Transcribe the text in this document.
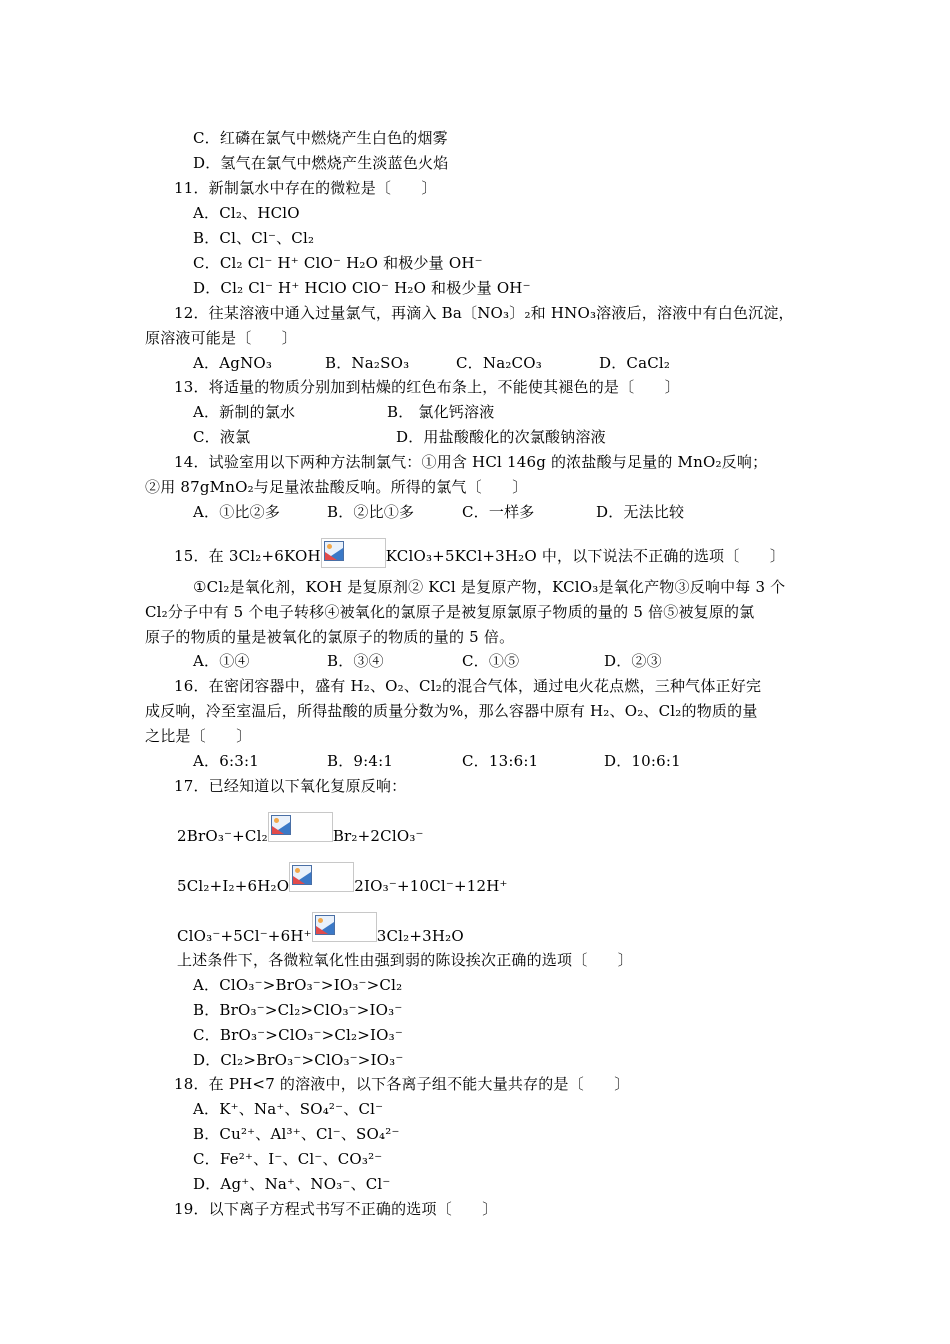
C．红磷在氯气中燃烧产生白色的烟雾
D．氢气在氯气中燃烧产生淡蓝色火焰
11．新制氯水中存在的微粒是〔　　〕
A．Cl₂、HClO
B．Cl、Cl⁻、Cl₂
C．Cl₂ Cl⁻ H⁺ ClO⁻ H₂O 和极少量 OH⁻
D．Cl₂ Cl⁻ H⁺ HClO ClO⁻ H₂O 和极少量 OH⁻
12．往某溶液中通入过量氯气，再滴入 Ba〔NO₃〕₂和 HNO₃溶液后，溶液中有白色沉淀，
原溶液可能是〔　　〕
A．AgNO₃	B．Na₂SO₃	C．Na₂CO₃	D．CaCl₂
13．将适量的物质分别加到枯燥的红色布条上，不能使其褪色的是〔　　〕
A．新制的氯水	B． 氯化钙溶液
C．液氯	D．用盐酸酸化的次氯酸钠溶液
14．试验室用以下两种方法制氯气：①用含 HCl 146g 的浓盐酸与足量的 MnO₂反响；
②用 87gMnO₂与足量浓盐酸反响。所得的氯气〔　　〕
A．①比②多	B．②比①多	C．一样多	D．无法比较
15．在 3Cl₂+6KOH	KClO₃+5KCl+3H₂O 中，以下说法不正确的选项〔　　〕
①Cl₂是氧化剂，KOH 是复原剂② KCl 是复原产物，KClO₃是氧化产物③反响中每 3 个
Cl₂分子中有 5 个电子转移④被氧化的氯原子是被复原氯原子物质的量的 5 倍⑤被复原的氯
原子的物质的量是被氧化的氯原子的物质的量的 5 倍。
A．①④	B．③④	C．①⑤	D．②③
16．在密闭容器中，盛有 H₂、O₂、Cl₂的混合气体，通过电火花点燃，三种气体正好完
成反响，冷至室温后，所得盐酸的质量分数为%，那么容器中原有 H₂、O₂、Cl₂的物质的量
之比是〔　　〕
A．6:3:1	B．9:4:1	C．13:6:1	D．10:6:1
17．已经知道以下氧化复原反响：
2BrO₃⁻+Cl₂	Br₂+2ClO₃⁻
5Cl₂+I₂+6H₂O	2IO₃⁻+10Cl⁻+12H⁺
ClO₃⁻+5Cl⁻+6H⁺	3Cl₂+3H₂O
上述条件下，各微粒氧化性由强到弱的陈设挨次正确的选项〔　　〕
A．ClO₃⁻>BrO₃⁻>IO₃⁻>Cl₂
B．BrO₃⁻>Cl₂>ClO₃⁻>IO₃⁻
C．BrO₃⁻>ClO₃⁻>Cl₂>IO₃⁻
D．Cl₂>BrO₃⁻>ClO₃⁻>IO₃⁻
18．在 PH<7 的溶液中，以下各离子组不能大量共存的是〔　　〕
A．K⁺、Na⁺、SO₄²⁻、Cl⁻
B．Cu²⁺、Al³⁺、Cl⁻、SO₄²⁻
C．Fe²⁺、I⁻、Cl⁻、CO₃²⁻
D．Ag⁺、Na⁺、NO₃⁻、Cl⁻
19．以下离子方程式书写不正确的选项〔　　〕
